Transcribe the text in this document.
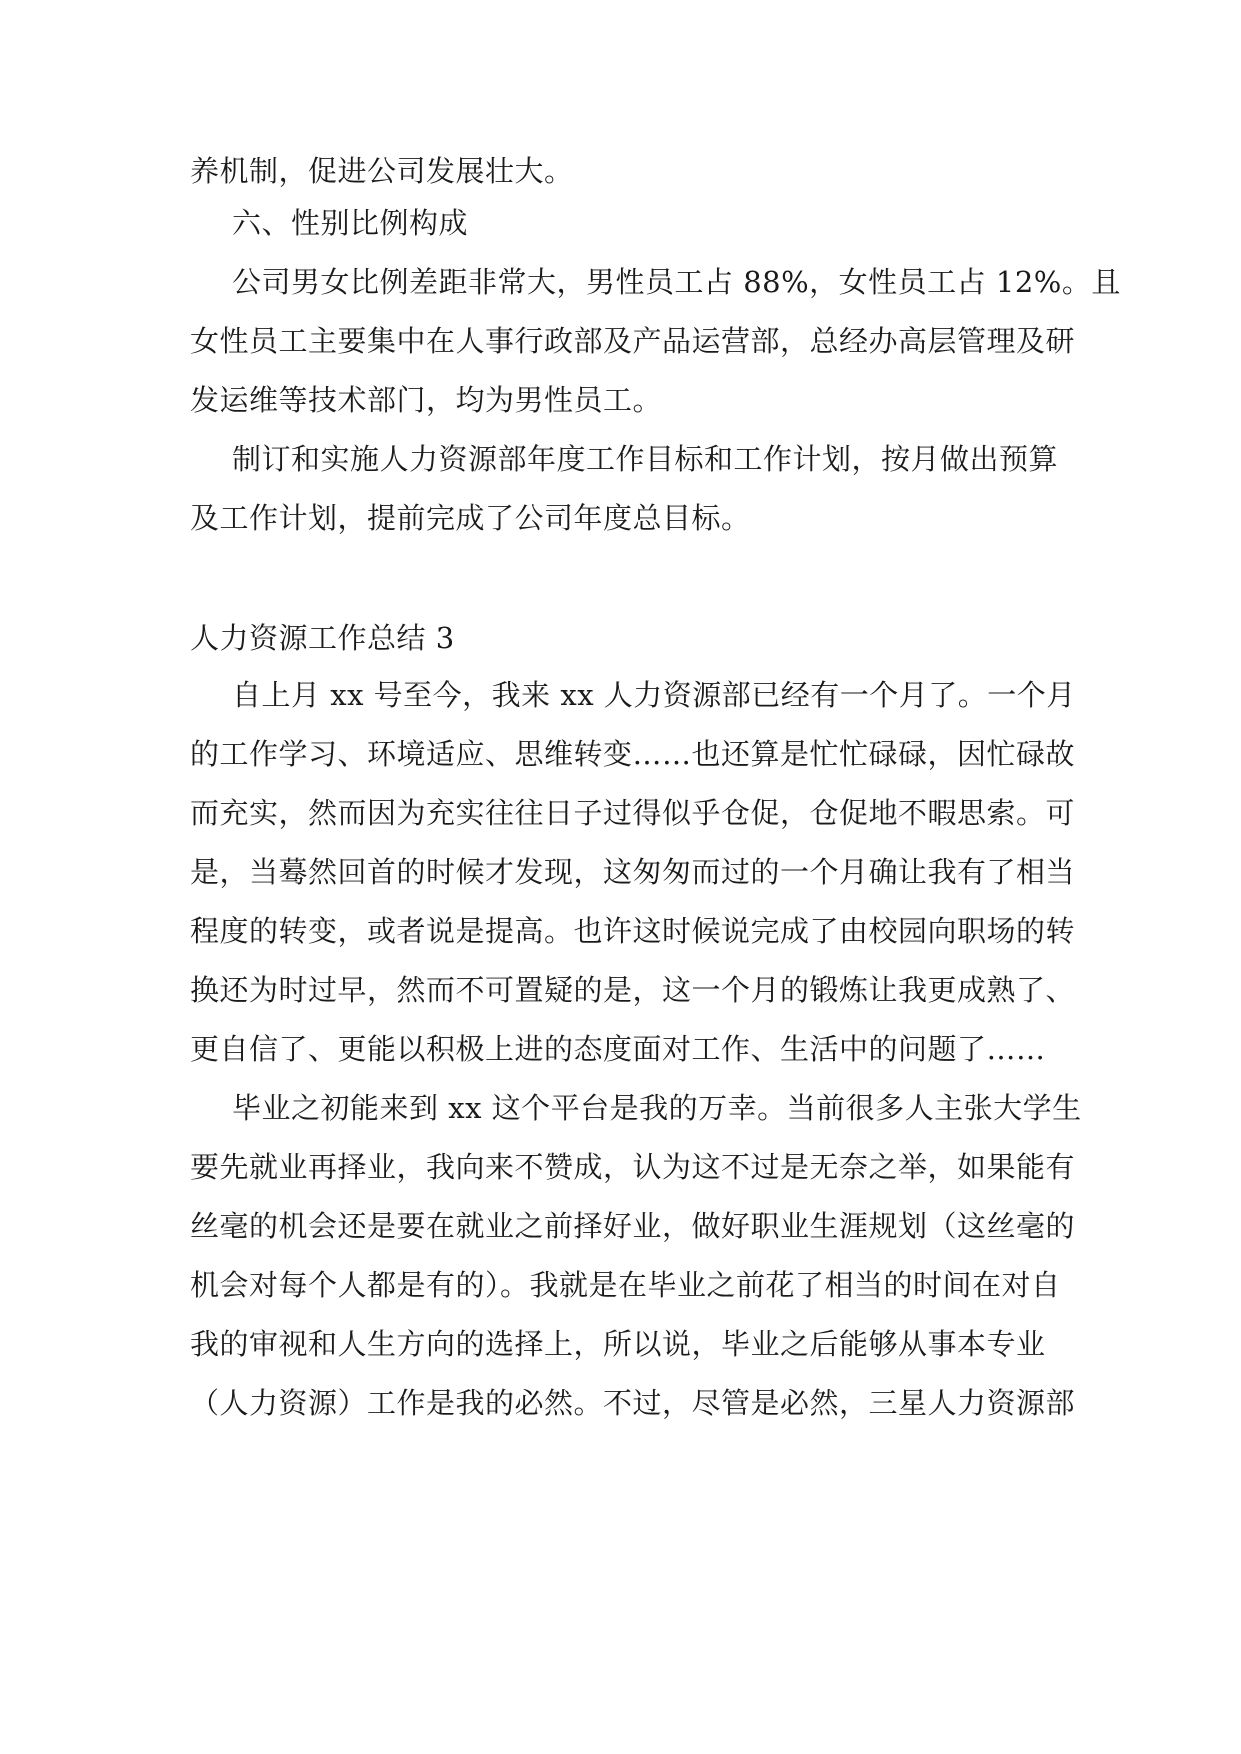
养机制，促进公司发展壮大。
六、性别比例构成
公司男女比例差距非常大，男性员工占 88%，女性员工占 12%。且
女性员工主要集中在人事行政部及产品运营部，总经办高层管理及研
发运维等技术部门，均为男性员工。
制订和实施人力资源部年度工作目标和工作计划，按月做出预算
及工作计划，提前完成了公司年度总目标。
人力资源工作总结 3
自上月 xx 号至今，我来 xx 人力资源部已经有一个月了。一个月
的工作学习、环境适应、思维转变……也还算是忙忙碌碌，因忙碌故
而充实，然而因为充实往往日子过得似乎仓促，仓促地不暇思索。可
是，当蓦然回首的时候才发现，这匆匆而过的一个月确让我有了相当
程度的转变，或者说是提高。也许这时候说完成了由校园向职场的转
换还为时过早，然而不可置疑的是，这一个月的锻炼让我更成熟了、
更自信了、更能以积极上进的态度面对工作、生活中的问题了……
毕业之初能来到 xx 这个平台是我的万幸。当前很多人主张大学生
要先就业再择业，我向来不赞成，认为这不过是无奈之举，如果能有
丝毫的机会还是要在就业之前择好业，做好职业生涯规划（这丝毫的
机会对每个人都是有的）。我就是在毕业之前花了相当的时间在对自
我的审视和人生方向的选择上，所以说，毕业之后能够从事本专业
（人力资源）工作是我的必然。不过，尽管是必然，三星人力资源部
